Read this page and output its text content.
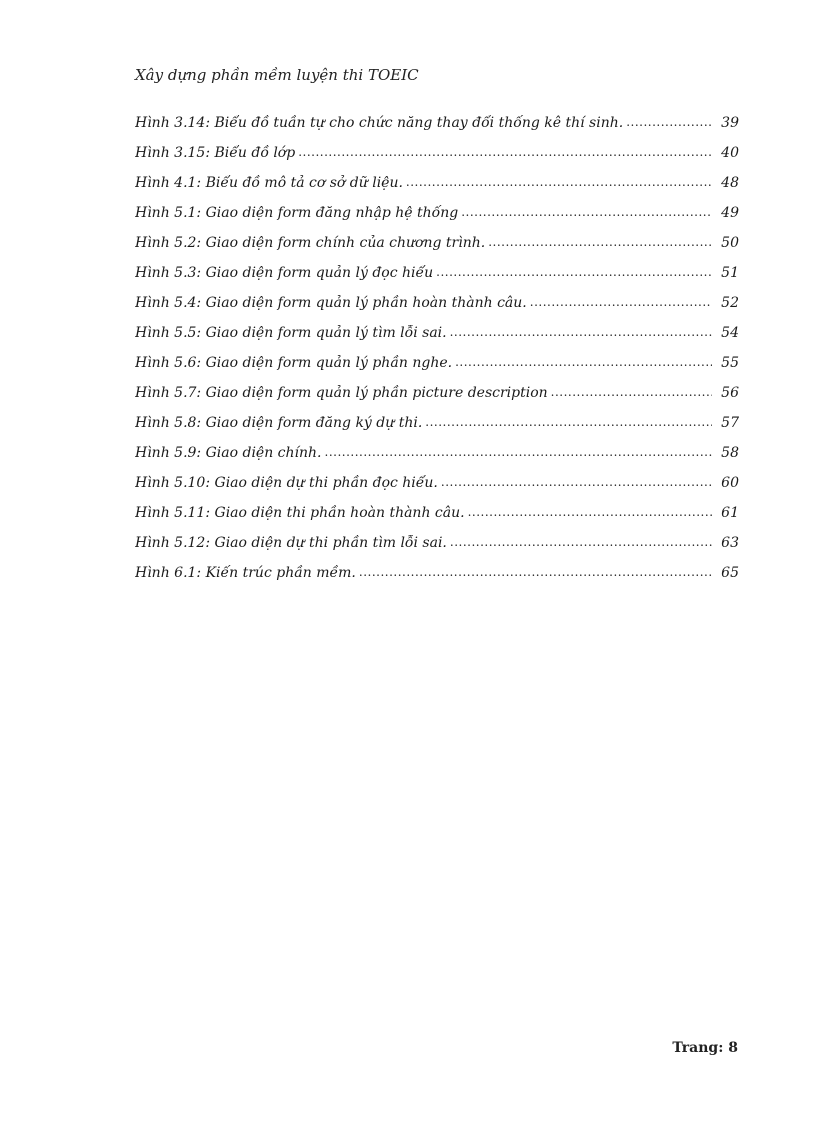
Xây dựng phần mềm luyện thi TOEIC
Hình 3.14: Biểu đồ tuần tự cho chức năng thay đổi thống kê thí sinh. .....	39
Hình 3.15: Biểu đồ lớp .....	40
Hình 4.1: Biểu đồ mô tả cơ sở dữ liệu. .....	48
Hình 5.1: Giao diện form đăng nhập hệ thống .....	49
Hình 5.2: Giao diện form chính của chương trình. .....	50
Hình 5.3: Giao diện form quản lý đọc hiểu .....	51
Hình 5.4: Giao diện form quản lý phần hoàn thành câu. .....	52
Hình 5.5: Giao diện form quản lý tìm lỗi sai. .....	54
Hình 5.6: Giao diện form quản lý phần nghe. .....	55
Hình 5.7: Giao diện form quản lý phần picture description .....	56
Hình 5.8: Giao diện form đăng ký dự thi. .....	57
Hình 5.9: Giao diện chính. .....	58
Hình 5.10: Giao diện dự thi phần đọc hiểu. .....	60
Hình 5.11: Giao diện thi phần hoàn thành câu. .....	61
Hình 5.12: Giao diện dự thi phần tìm lỗi sai. .....	63
Hình 6.1: Kiến trúc phần mềm. .....	65
Trang: 8
